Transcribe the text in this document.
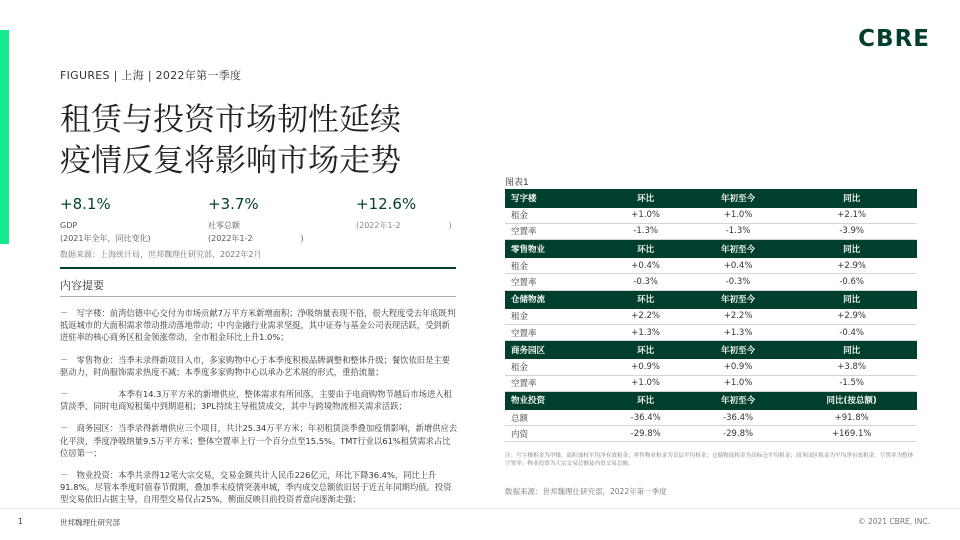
CBRE
FIGURES | 上海 | 2022年第一季度
租赁与投资市场韧性延续
疫情反复将影响市场走势
+8.1%
GDP
(2021年全年，同比变化)
+3.7%
社零总额
(2022年1-2　　　　　　)
+12.6%
(2022年1-2　　　　　　)
数据来源：上海统计局，世邦魏理仕研究部，2022年2月
内容提要

－　写字楼：前湾信德中心交付为市场贡献7万平方米新增面积；净吸纳量表现不俗，很大程度受去年底既判抵返城市的大面积需求带动推动落地带动；中内金融行业需求坚挺，其中证券与基金公司表现活跃，受到新进驻率的核心商务区租金领涨带动，全市租金环比上升1.0%；

－　零售物业：当季未录得新项目入市，多家购物中心于本季度积极品牌调整和整体升级；餐饮依旧是主要驱动力，时尚服饰需求热度不减；本季度多家购物中心以承办艺术展的形式，重拾流量；

－　　　　　　本季有14.3万平方米的新增供应，整体需求有所回落，主要由于电商购物节越后市场进入租赁淡季，同时电商短租集中到期退租；3PL持续主导租赁成交，其中与跨境物流相关需求活跃；

－　商务园区：当季录得新增供应三个项目，共计25.34万平方米；年初租赁淡季叠加疫情影响，新增供应去化平淡，季度净吸纳量9.5万平方米；整体空置率上行一个百分点至15.5%。TMT行业以61%租赁需求占比位居第一；

－　物业投资：本季共录得12笔大宗交易，交易金额共计人民币226亿元，环比下降36.4%，同比上升91.8%。尽管本季度时值春节假期，叠加季末疫情突袭申城，季内成交总额依旧居于近五年同期均值。投资型交易依旧占据主导，自用型交易仅占25%，侧面反映目前投资者意向逐渐走强；

图表1
写字楼	环比	年初至今	同比
租金	+1.0%	+1.0%	+2.1%
空置率	-1.3%	-1.3%	-3.9%
零售物业	环比	年初至今	同比
租金	+0.4%	+0.4%	+2.9%
空置率	-0.3%	-0.3%	-0.6%
仓储物流	环比	年初至今	同比
租金	+2.2%	+2.2%	+2.9%
空置率	+1.3%	+1.3%	-0.4%
商务园区	环比	年初至今	同比
租金	+0.9%	+0.9%	+3.8%
空置率	+1.0%	+1.0%	-1.5%
物业投资	环比	年初至今	同比(按总额)
总额	-36.4%	-36.4%	+91.8%
内资	-29.8%	-29.8%	+169.1%
注：写字楼租金为甲级，面积加权平均净有效租金；零售物业租金为首层平均租金；仓储物流租金为高标仓平均租金；商务园区租金为平均净有效租金，空置率为整体空置率；物业投资为大宗交易总额及内资交易总额。
数据来源：世邦魏理仕研究部，2022年第一季度
1	世邦魏理仕研究部	© 2021 CBRE, INC.
